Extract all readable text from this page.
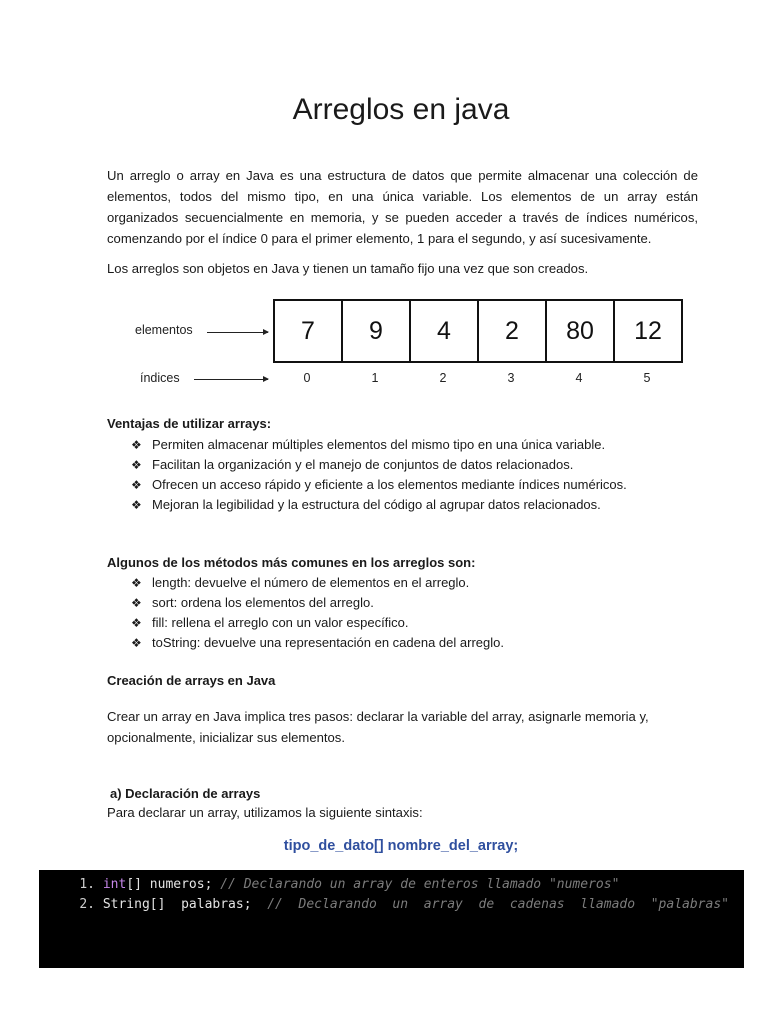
Arreglos en java

Un arreglo o array en Java es una estructura de datos que permite almacenar una colección de elementos, todos del mismo tipo, en una única variable. Los elementos de un array están organizados secuencialmente en memoria, y se pueden acceder a través de índices numéricos, comenzando por el índice 0 para el primer elemento, 1 para el segundo, y así sucesivamente.

Los arreglos son objetos en Java y tienen un tamaño fijo una vez que son creados.

elementos
índices
7	9	4	2	80	12
0	1	2	3	4	5

Ventajas de utilizar arrays:

❖ Permiten almacenar múltiples elementos del mismo tipo en una única variable.
❖ Facilitan la organización y el manejo de conjuntos de datos relacionados.
❖ Ofrecen un acceso rápido y eficiente a los elementos mediante índices numéricos.
❖ Mejoran la legibilidad y la estructura del código al agrupar datos relacionados.

Algunos de los métodos más comunes en los arreglos son:

❖ length: devuelve el número de elementos en el arreglo.
❖ sort: ordena los elementos del arreglo.
❖ fill: rellena el arreglo con un valor específico.
❖ toString: devuelve una representación en cadena del arreglo.

Creación de arrays en Java

Crear un array en Java implica tres pasos: declarar la variable del array, asignarle memoria y, opcionalmente, inicializar sus elementos.

a) Declaración de arrays

Para declarar un array, utilizamos la siguiente sintaxis:

tipo_de_dato[] nombre_del_array;
1. int[] numeros; // Declarando un array de enteros llamado "numeros"
2. String[]  palabras;  //  Declarando  un  array  de  cadenas  llamado  "palabras"
